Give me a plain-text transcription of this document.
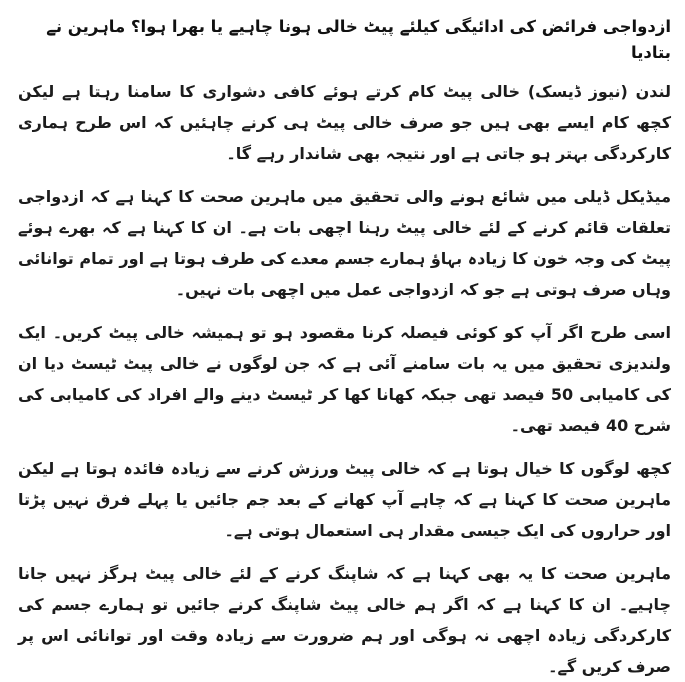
ازدواجی فرائض کی ادائیگی کیلئے پیٹ خالی ہونا چاہیے یا بھرا ہوا؟ ماہرین نے بتادیا

لندن (نیوز ڈیسک) خالی پیٹ کام کرتے ہوئے کافی دشواری کا سامنا رہتا ہے لیکن کچھ کام ایسے بھی ہیں جو صرف خالی پیٹ ہی کرنے چاہئیں کہ اس طرح ہماری کارکردگی بہتر ہو جاتی ہے اور نتیجہ بھی شاندار رہے گا۔

میڈیکل ڈیلی میں شائع ہونے والی تحقیق میں ماہرین صحت کا کہنا ہے کہ ازدواجی تعلقات قائم کرنے کے لئے خالی پیٹ رہنا اچھی بات ہے۔ ان کا کہنا ہے کہ بھرے ہوئے پیٹ کی وجہ خون کا زیادہ بہاؤ ہمارے جسم معدے کی طرف ہوتا ہے اور تمام توانائی وہاں صرف ہوتی ہے جو کہ ازدواجی عمل میں اچھی بات نہیں۔

اسی طرح اگر آپ کو کوئی فیصلہ کرنا مقصود ہو تو ہمیشہ خالی پیٹ کریں۔ ایک ولندیزی تحقیق میں یہ بات سامنے آئی ہے کہ جن لوگوں نے خالی پیٹ ٹیسٹ دیا ان کی کامیابی 50 فیصد تھی جبکہ کھانا کھا کر ٹیسٹ دینے والے افراد کی کامیابی کی شرح 40 فیصد تھی۔

کچھ لوگوں کا خیال ہوتا ہے کہ خالی پیٹ ورزش کرنے سے زیادہ فائدہ ہوتا ہے لیکن ماہرین صحت کا کہنا ہے کہ چاہے آپ کھانے کے بعد جم جائیں یا پہلے فرق نہیں پڑتا اور حراروں کی ایک جیسی مقدار ہی استعمال ہوتی ہے۔

ماہرین صحت کا یہ بھی کہنا ہے کہ شاپنگ کرنے کے لئے خالی پیٹ ہرگز نہیں جانا چاہیے۔ ان کا کہنا ہے کہ اگر ہم خالی پیٹ شاپنگ کرنے جائیں تو ہمارے جسم کی کارکردگی زیادہ اچھی نہ ہوگی اور ہم ضرورت سے زیادہ وقت اور توانائی اس پر صرف کریں گے۔
